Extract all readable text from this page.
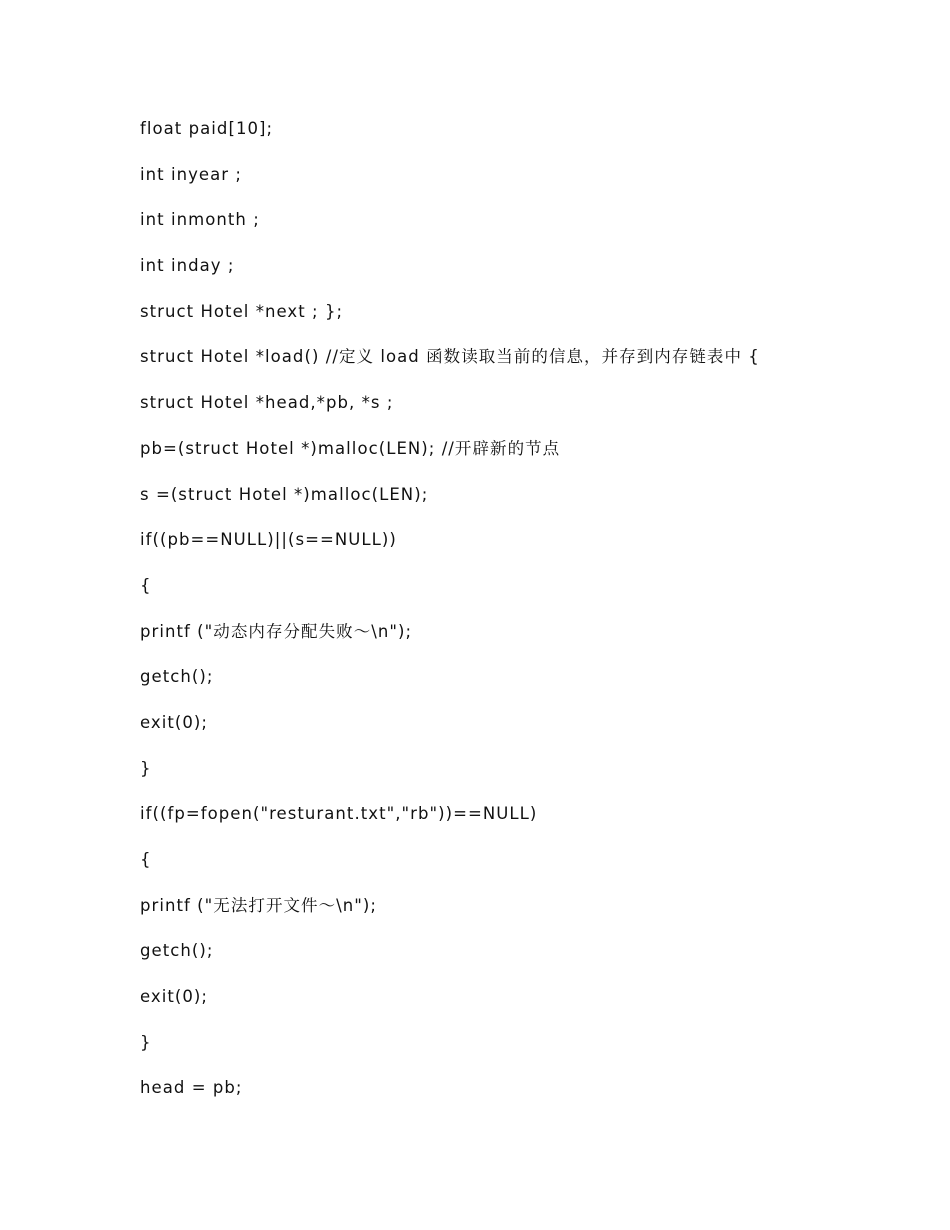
float paid[10];
int inyear ;
int inmonth ;
int inday ;
struct Hotel *next ; };
struct Hotel *load() //定义 load 函数读取当前的信息，并存到内存链表中 {
struct Hotel *head,*pb, *s ;
pb=(struct Hotel *)malloc(LEN); //开辟新的节点
s =(struct Hotel *)malloc(LEN);
if((pb==NULL)||(s==NULL))
{
printf ("动态内存分配失败～\n");
getch();
exit(0);
}
if((fp=fopen("resturant.txt","rb"))==NULL)
{
printf ("无法打开文件～\n");
getch();
exit(0);
}
head = pb;
